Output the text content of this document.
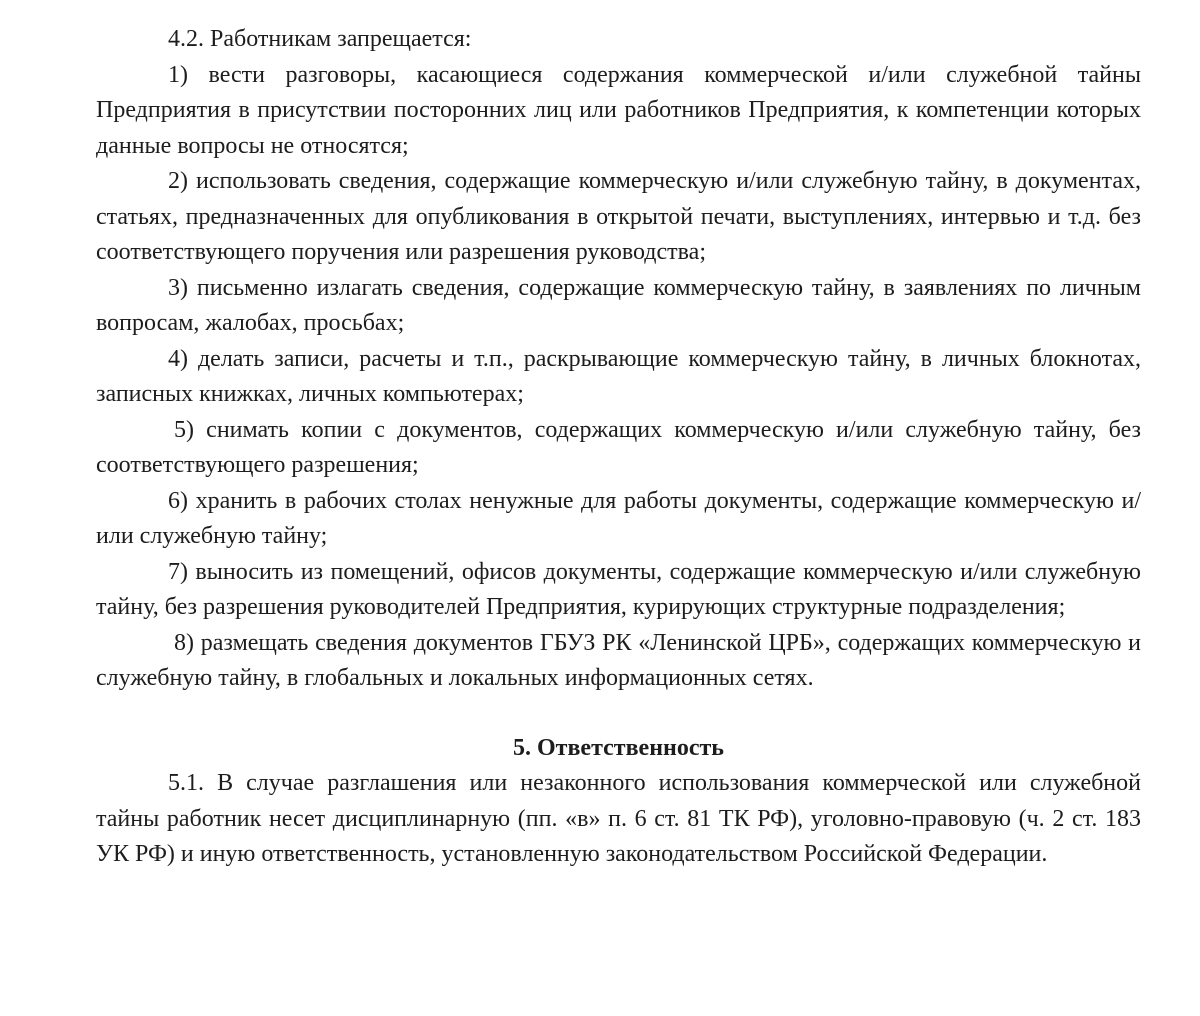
4.2. Работникам запрещается:

1) вести разговоры, касающиеся содержания коммерческой и/или служебной тайны Предприятия в присутствии посторонних лиц или работников Предприятия, к компетенции которых данные вопросы не относятся;

2) использовать сведения, содержащие коммерческую и/или служебную тайну, в документах, статьях, предназначенных для опубликования в открытой печати, выступлениях, интервью и т.д. без соответствующего поручения или разрешения руководства;

3) письменно излагать сведения, содержащие коммерческую тайну, в заявлениях по личным вопросам, жалобах, просьбах;

4) делать записи, расчеты и т.п., раскрывающие коммерческую тайну, в личных блокнотах, записных книжках, личных компьютерах;

5) снимать копии с документов, содержащих коммерческую и/или служебную тайну, без соответствующего разрешения;

6) хранить в рабочих столах ненужные для работы документы, содержащие коммерческую и/или служебную тайну;

7) выносить из помещений, офисов документы, содержащие коммерческую и/или служебную тайну, без разрешения руководителей Предприятия, курирующих структурные подразделения;

8) размещать сведения документов ГБУЗ РК «Ленинской ЦРБ», содержащих коммерческую и служебную тайну, в глобальных и локальных информационных сетях.

5. Ответственность

5.1. В случае разглашения или незаконного использования коммерческой или служебной тайны работник несет дисциплинарную (пп. «в» п. 6 ст. 81 ТК РФ), уголовно-правовую (ч. 2 ст. 183 УК РФ) и иную ответственность, установленную законодательством Российской Федерации.
